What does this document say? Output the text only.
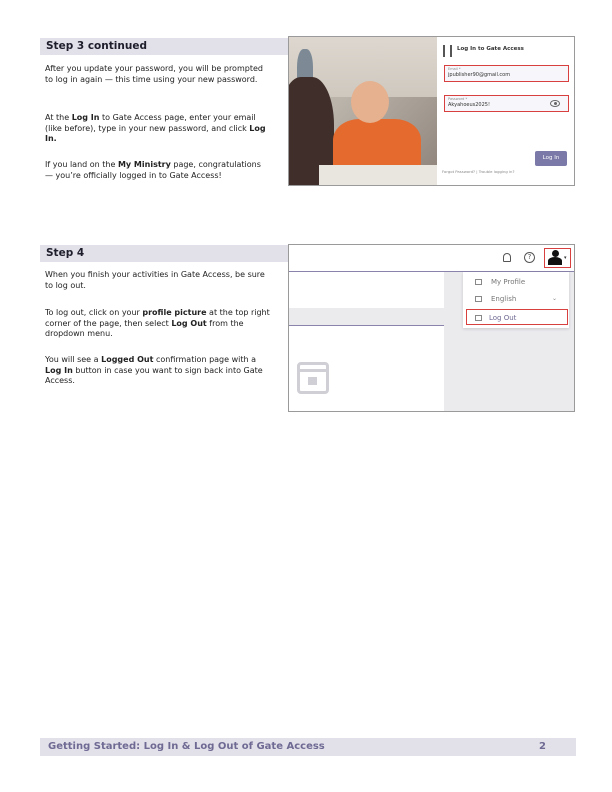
Step 3 continued
After you update your password, you will be prompted to log in again — this time using your new password.
At the Log In to Gate Access page, enter your email (like before), type in your new password, and click Log In.
If you land on the My Ministry page, congratulations — you’re officially logged in to Gate Access!
Log In to Gate Access
Email *
jpublisher90@gmail.com
Password *
Akyahoeus2025!
Log In
Forgot Password? | Trouble logging in?
Step 4
When you finish your activities in Gate Access, be sure to log out.
To log out, click on your profile picture at the top right corner of the page, then select Log Out from the dropdown menu.
You will see a Logged Out confirmation page with a Log In button in case you want to sign back into Gate Access.
?	▾
My Profile
English	⌄
Log Out
Getting Started: Log In & Log Out of Gate Access	2
